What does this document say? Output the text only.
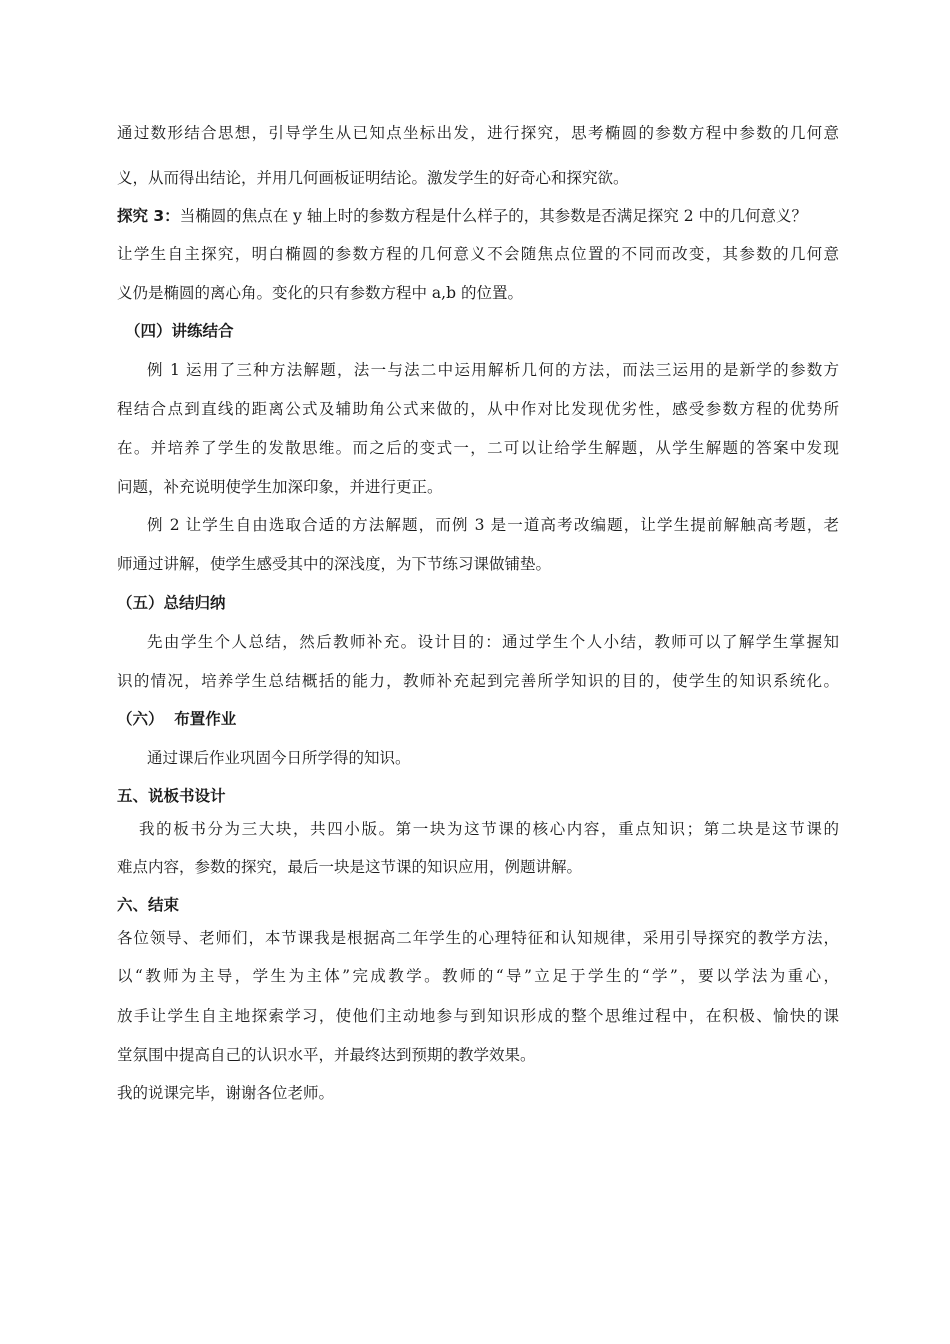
通过数形结合思想，引导学生从已知点坐标出发，进行探究，思考椭圆的参数方程中参数的几何意
义，从而得出结论，并用几何画板证明结论。激发学生的好奇心和探究欲。
探究 3：当椭圆的焦点在 y 轴上时的参数方程是什么样子的，其参数是否满足探究 2 中的几何意义？
让学生自主探究，明白椭圆的参数方程的几何意义不会随焦点位置的不同而改变，其参数的几何意
义仍是椭圆的离心角。变化的只有参数方程中 a,b 的位置。
（四）讲练结合
例 1 运用了三种方法解题，法一与法二中运用解析几何的方法，而法三运用的是新学的参数方
程结合点到直线的距离公式及辅助角公式来做的，从中作对比发现优劣性，感受参数方程的优势所
在。并培养了学生的发散思维。而之后的变式一，二可以让给学生解题，从学生解题的答案中发现
问题，补充说明使学生加深印象，并进行更正。
例 2 让学生自由选取合适的方法解题，而例 3 是一道高考改编题，让学生提前解触高考题，老
师通过讲解，使学生感受其中的深浅度，为下节练习课做铺垫。
（五）总结归纳
先由学生个人总结，然后教师补充。设计目的：通过学生个人小结，教师可以了解学生掌握知
识的情况，培养学生总结概括的能力，教师补充起到完善所学知识的目的，使学生的知识系统化。
（六）  布置作业
通过课后作业巩固今日所学得的知识。
五、说板书设计
我的板书分为三大块，共四小版。第一块为这节课的核心内容，重点知识；第二块是这节课的
难点内容，参数的探究，最后一块是这节课的知识应用，例题讲解。
六、结束
各位领导、老师们，本节课我是根据高二年学生的心理特征和认知规律，采用引导探究的教学方法，
以“教师为主导，学生为主体”完成教学。教师的“导”立足于学生的“学”，要以学法为重心，
放手让学生自主地探索学习，使他们主动地参与到知识形成的整个思维过程中，在积极、愉快的课
堂氛围中提高自己的认识水平，并最终达到预期的教学效果。
我的说课完毕，谢谢各位老师。
